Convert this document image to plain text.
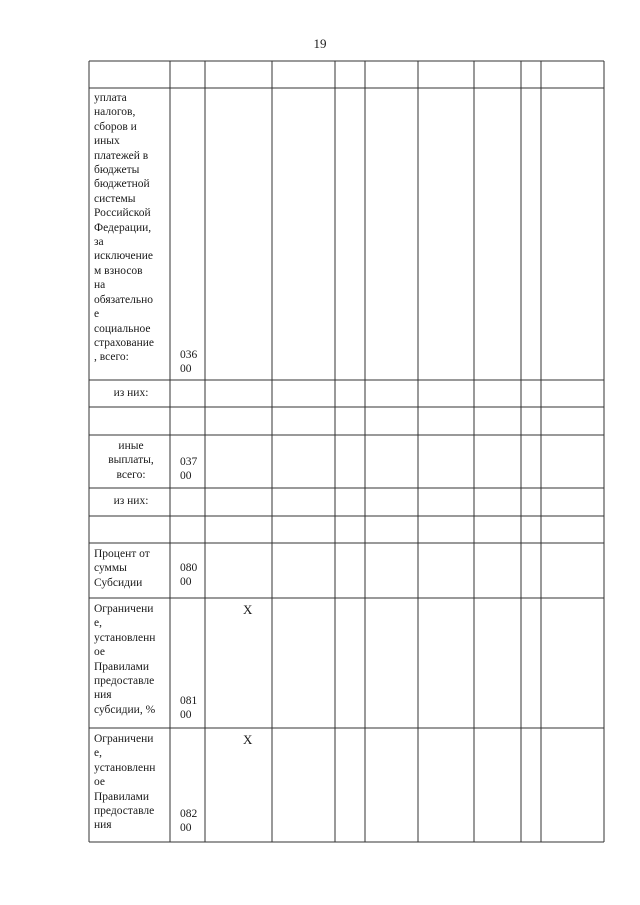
19
уплата
налогов,
сборов и
иных
платежей в
бюджеты
бюджетной
системы
Российской
Федерации,
за
исключение
м взносов
на
обязательно
е
социальное
страхование
, всего:	036
00
из них:
иные
выплаты,
всего:
037
00
из них:
Процент от
суммы
Субсидии
080
00
Ограничени
е,
установленн
ое
Правилами
предоставле
ния
субсидии, %
081
00
X
Ограничени
е,
установленн
ое
Правилами
предоставле
ния
082
00
X
